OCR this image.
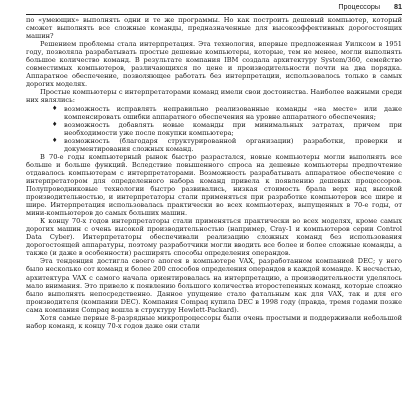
Процессоры 81

по «умеющих» выполнять одни и те же программы. Но как построить дешевый компьютер, который сможет выполнять все сложные команды, предназначенные для высокоэффективных дорогостоящих машин?

Решением проблемы стала интерпретация. Эта технология, впервые предложенная Уилксом в 1951 году, позволяла разрабатывать простые дешевые компьютеры, которые, тем не менее, могли выполнять большое количество команд. В результате компания IBM создала архитектуру System/360, семейство совместимых компьютеров, различающихся по цене и производительности почти на два порядка. Аппаратное обеспечение, позволяющее работать без интерпретации, использовалось только в самых дорогих моделях.

Простые компьютеры с интерпретаторами команд имели свои достоинства. Наиболее важными среди них являлись:

♦ возможность исправлять неправильно реализованные команды «на месте» или даже компенсировать ошибки аппаратного обеспечения на уровне аппаратного обеспечения;
♦ возможность добавлять новые команды при минимальных затратах, причем при необходимости уже после покупки компьютера;
♦ возможность (благодаря структурированной организации) разработки, проверки и документирования сложных команд.

В 70-е годы компьютерный рынок быстро разрастался, новые компьютеры могли выполнять все больше и больше функций. Вследствие повышенного спроса на дешевые компьютеры предпочтение отдавалось компьютерам с интерпретаторами. Возможность разрабатывать аппаратное обеспечение с интерпретатором для определенного набора команд привела к появлению дешевых процессоров. Полупроводниковые технологии быстро развивались, низкая стоимость брала верх над высокой производительностью, и интерпретаторы стали применяться при разработке компьютеров все шире и шире. Интерпретация использовалась практически во всех компьютерах, выпущенных в 70-е годы, от мини-компьютеров до самых больших машин.

К концу 70-х годов интерпретаторы стали применяться практически во всех моделях, кроме самых дорогих машин с очень высокой производительностью (например, Cray-1 и компьютеров серии Control Data Cyber). Интерпретаторы обеспечивали реализацию сложных команд без использования дорогостоящей аппаратуры, поэтому разработчики могли вводить все более и более сложные команды, а также (и даже в особенности) расширять способы определения операндов.

Эта тенденция достигла своего апогея в компьютере VAX, разработанном компанией DEC; у него было несколько сот команд и более 200 способов определения операндов в каждой команде. К несчастью, архитектура VAX с самого начала ориентировалась на интерпретацию, а производительности уделялось мало внимания. Это привело к появлению большого количества второстепенных команд, которые сложно было выполнять непосредственно. Данное упущение стало фатальным как для VAX, так и для его производителя (компании DEC). Компания Compaq купила DEC в 1998 году (правда, тремя годами позже сама компания Compaq вошла в структуру Hewlett-Packard).

Хотя самые первые 8-разрядные микропроцессоры были очень простыми и поддерживали небольшой набор команд, к концу 70-х годов даже они стали
